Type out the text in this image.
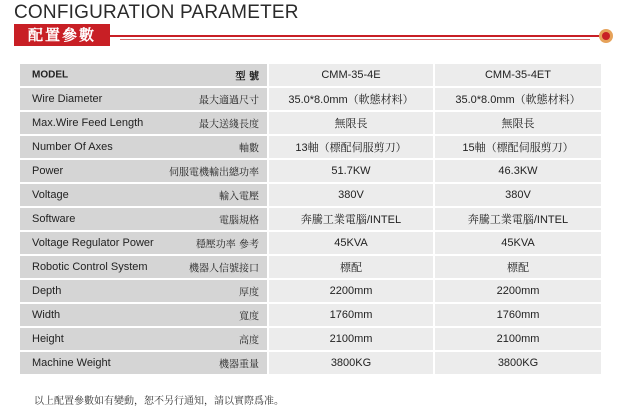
CONFIGURATION PARAMETER
配置參數
MODEL 型 號		CMM-35-4E		CMM-35-4ET

Wire Diameter 最大適過尺寸		35.0*8.0mm（軟態材料）		35.0*8.0mm（軟態材料）

Max.Wire Feed Length 最大送綫長度		無限長		無限長

Number Of Axes 軸數		13軸（標配伺服剪刀）		15軸（標配伺服剪刀）

Power 伺服電機輸出總功率		51.7KW		46.3KW

Voltage 輸入電壓		380V		380V

Software 電腦規格		奔騰工業電腦/INTEL		奔騰工業電腦/INTEL

Voltage Regulator Power 穩壓功率 參考		45KVA		45KVA

Robotic Control System 機器人信號接口		標配		標配

Depth 厚度		2200mm		2200mm

Width 寬度		1760mm		1760mm

Height 高度		2100mm		2100mm

Machine Weight 機器重量		3800KG		3800KG
以上配置參數如有變動，恕不另行通知，請以實際爲准。
